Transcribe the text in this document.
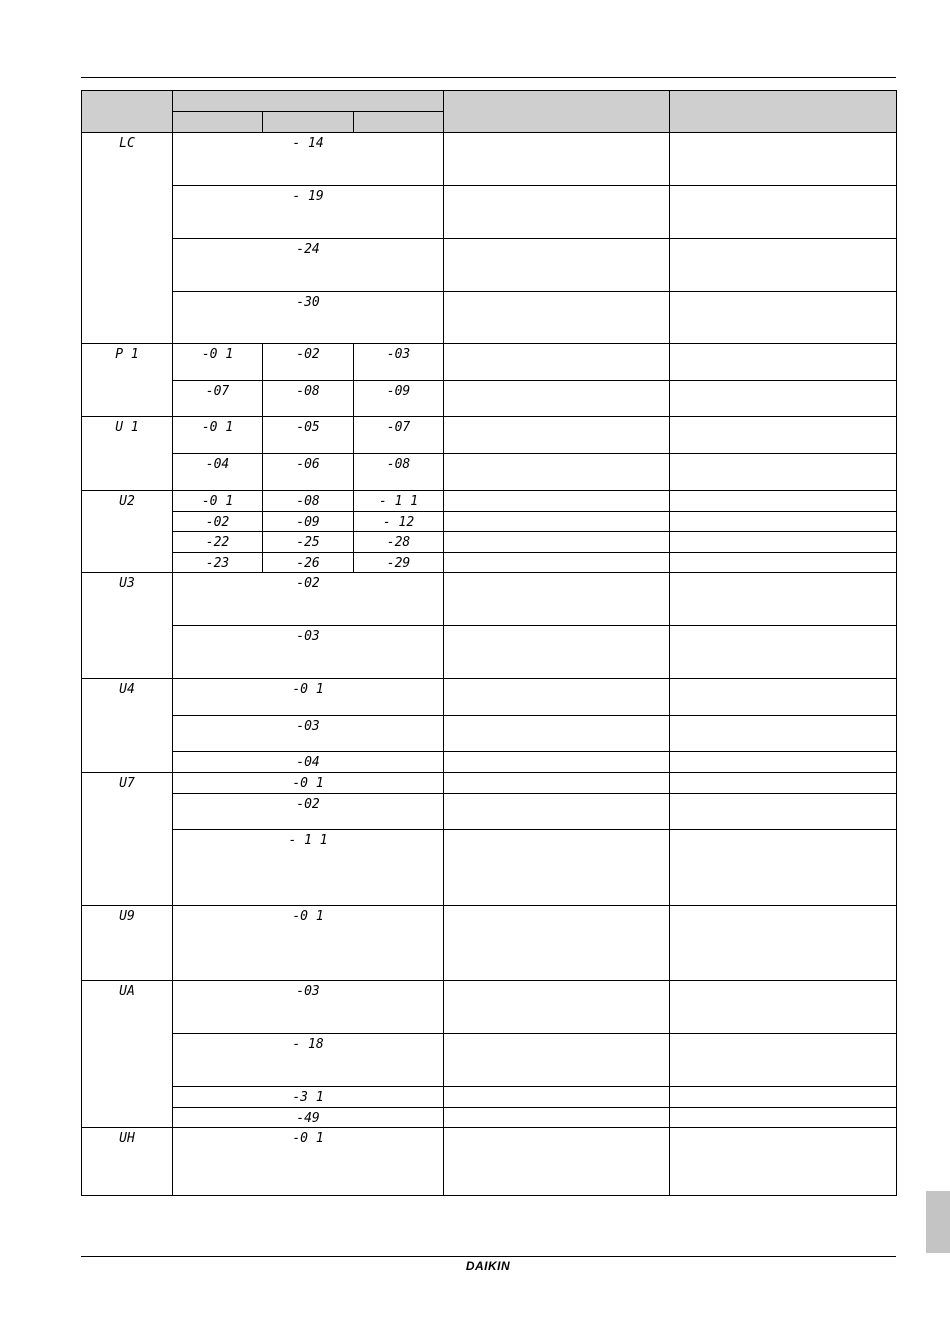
LC	- 14				
	- 19				
	-24				
	-30				
P 1	-0 1	-02	-03		
	-07	-08	-09		
U 1	-0 1	-05	-07		
	-04	-06	-08		
U2	-0 1	-08	- 1 1		
	-02	-09	- 12		
	-22	-25	-28		
	-23	-26	-29		
U3	-02				
	-03				
U4	-0 1				
	-03				
	-04				
U7	-0 1				
	-02				
	- 1 1				
U9	-0 1				
UA	-03				
	- 18				
	-3 1				
	-49				
UH	-0 1				
DAIKIN
